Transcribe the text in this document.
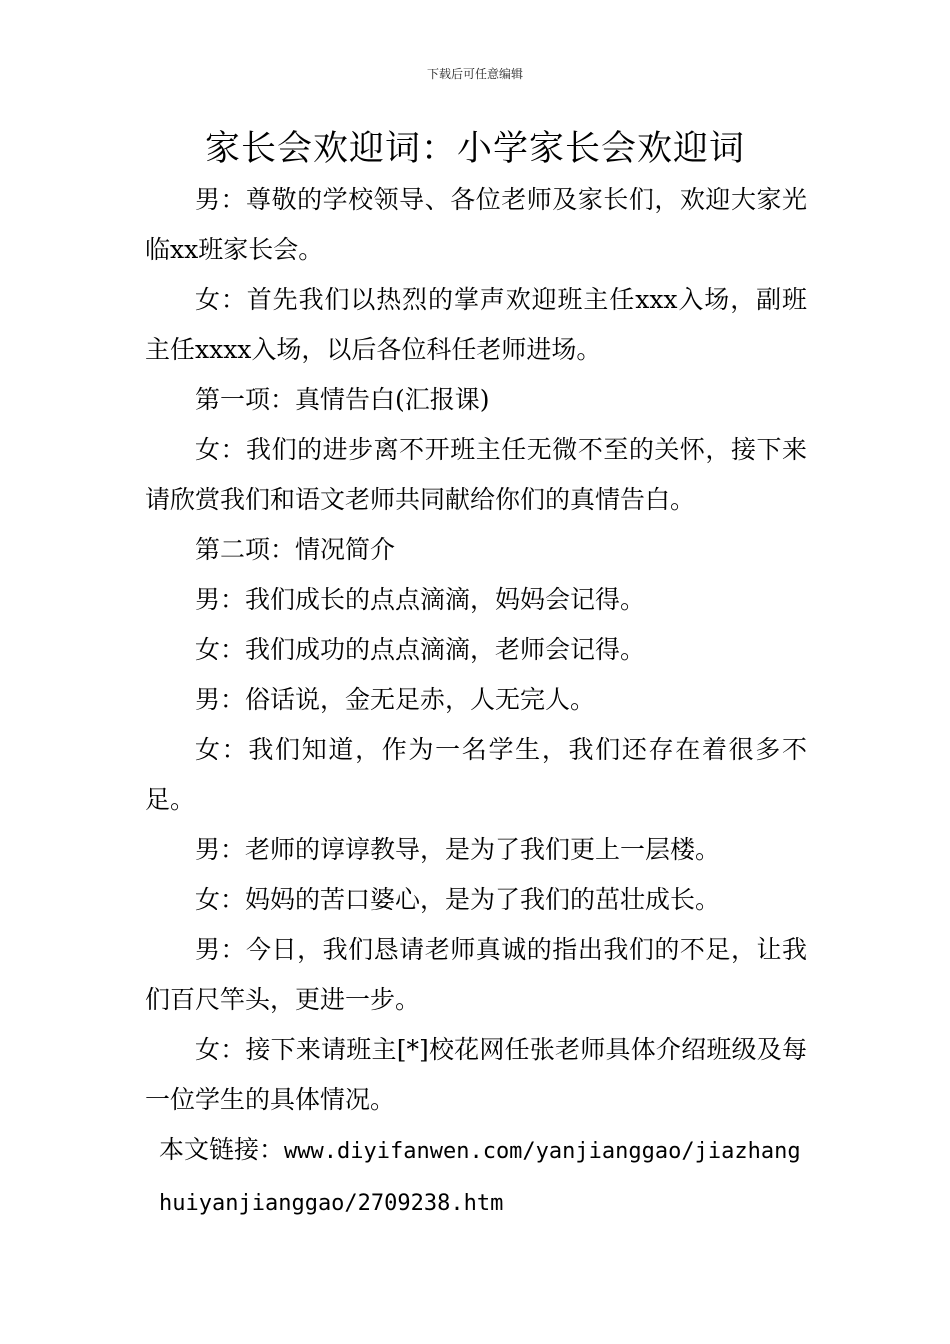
下载后可任意编辑
家长会欢迎词：小学家长会欢迎词

男：尊敬的学校领导、各位老师及家长们，欢迎大家光临xx班家长会。

女：首先我们以热烈的掌声欢迎班主任xxx入场，副班主任xxxx入场，以后各位科任老师进场。

第一项：真情告白(汇报课)

女：我们的进步离不开班主任无微不至的关怀，接下来请欣赏我们和语文老师共同献给你们的真情告白。

第二项：情况简介

男：我们成长的点点滴滴，妈妈会记得。

女：我们成功的点点滴滴，老师会记得。

男：俗话说，金无足赤，人无完人。

女：我们知道，作为一名学生，我们还存在着很多不足。

男：老师的谆谆教导，是为了我们更上一层楼。

女：妈妈的苦口婆心，是为了我们的茁壮成长。

男：今日，我们恳请老师真诚的指出我们的不足，让我们百尺竿头，更进一步。

女：接下来请班主[*]校花网任张老师具体介绍班级及每一位学生的具体情况。

本文链接：www.diyifanwen.com/yanjianggao/jiazhanghuiyanjianggao/2709238.htm
